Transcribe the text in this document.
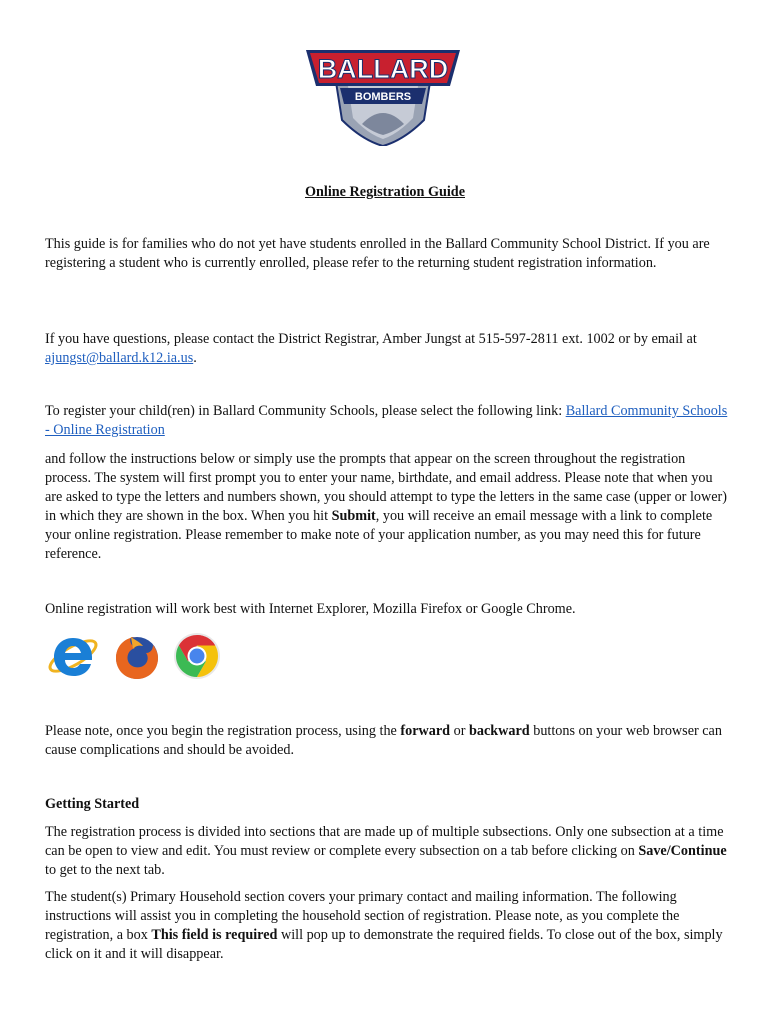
BALLARD
BOMBERS
Online Registration Guide

This guide is for families who do not yet have students enrolled in the Ballard Community School District. If you are registering a student who is currently enrolled, please refer to the returning student registration information.

If you have questions, please contact the District Registrar, Amber Jungst at 515-597-2811 ext. 1002 or by email at ajungst@ballard.k12.ia.us.

To register your child(ren) in Ballard Community Schools, please select the following link: Ballard Community Schools - Online Registration

and follow the instructions below or simply use the prompts that appear on the screen throughout the registration process. The system will first prompt you to enter your name, birthdate, and email address. Please note that when you are asked to type the letters and numbers shown, you should attempt to type the letters in the same case (upper or lower) in which they are shown in the box. When you hit Submit, you will receive an email message with a link to complete your online registration. Please remember to make note of your application number, as you may need this for future reference.

Online registration will work best with Internet Explorer, Mozilla Firefox or Google Chrome.

Please note, once you begin the registration process, using the forward or backward buttons on your web browser can cause complications and should be avoided.

Getting Started

The registration process is divided into sections that are made up of multiple subsections. Only one subsection at a time can be open to view and edit. You must review or complete every subsection on a tab before clicking on Save/Continue to get to the next tab.

The student(s) Primary Household section covers your primary contact and mailing information. The following instructions will assist you in completing the household section of registration. Please note, as you complete the registration, a box This field is required will pop up to demonstrate the required fields. To close out of the box, simply click on it and it will disappear.
